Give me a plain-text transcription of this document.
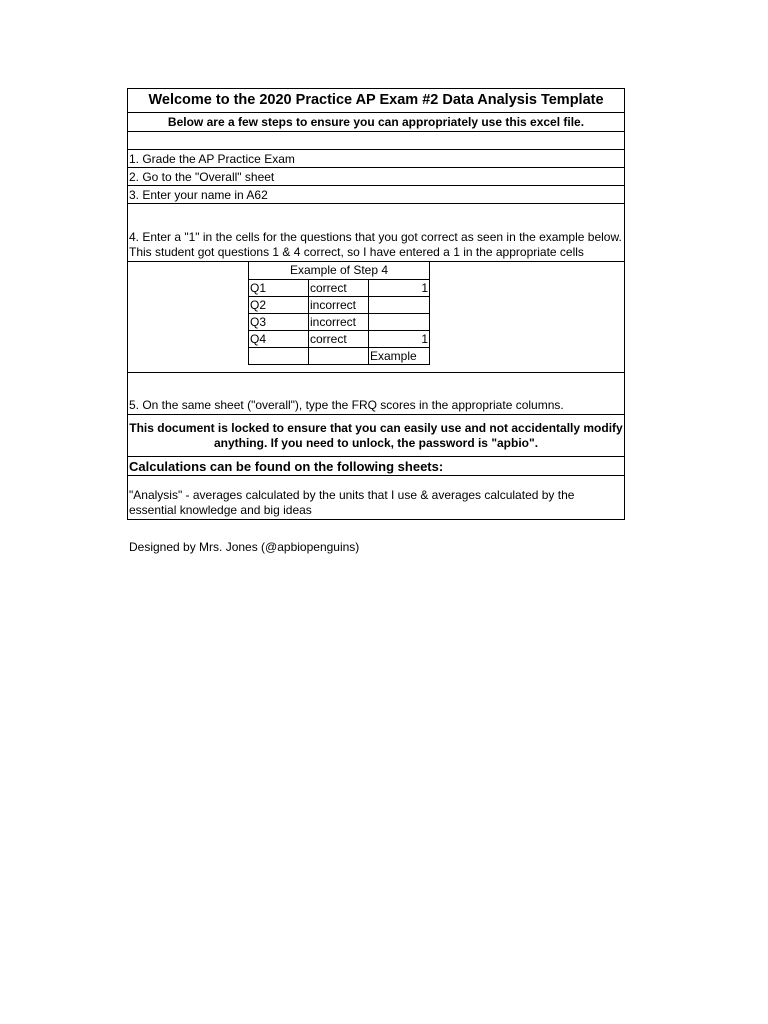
Welcome to the 2020 Practice AP Exam #2 Data Analysis Template
Below are a few steps to ensure you can appropriately use this excel file.
1. Grade the AP Practice Exam
2. Go to the "Overall" sheet
3. Enter your name in A62
4. Enter a "1" in the cells for the questions that you got correct as seen in the example below. This student got questions 1 & 4 correct, so I have entered a 1 in the appropriate cells
Example of Step 4		
Q1	correct	1
Q2	incorrect	
Q3	incorrect	
Q4	correct	1
		Example
5. On the same sheet ("overall"), type the FRQ scores in the appropriate columns.
This document is locked to ensure that you can easily use and not accidentally modify anything. If you need to unlock, the password is "apbio".
Calculations can be found on the following sheets:
"Analysis" - averages calculated by the units that I use & averages calculated by the essential knowledge and big ideas
Designed by Mrs. Jones (@apbiopenguins)
